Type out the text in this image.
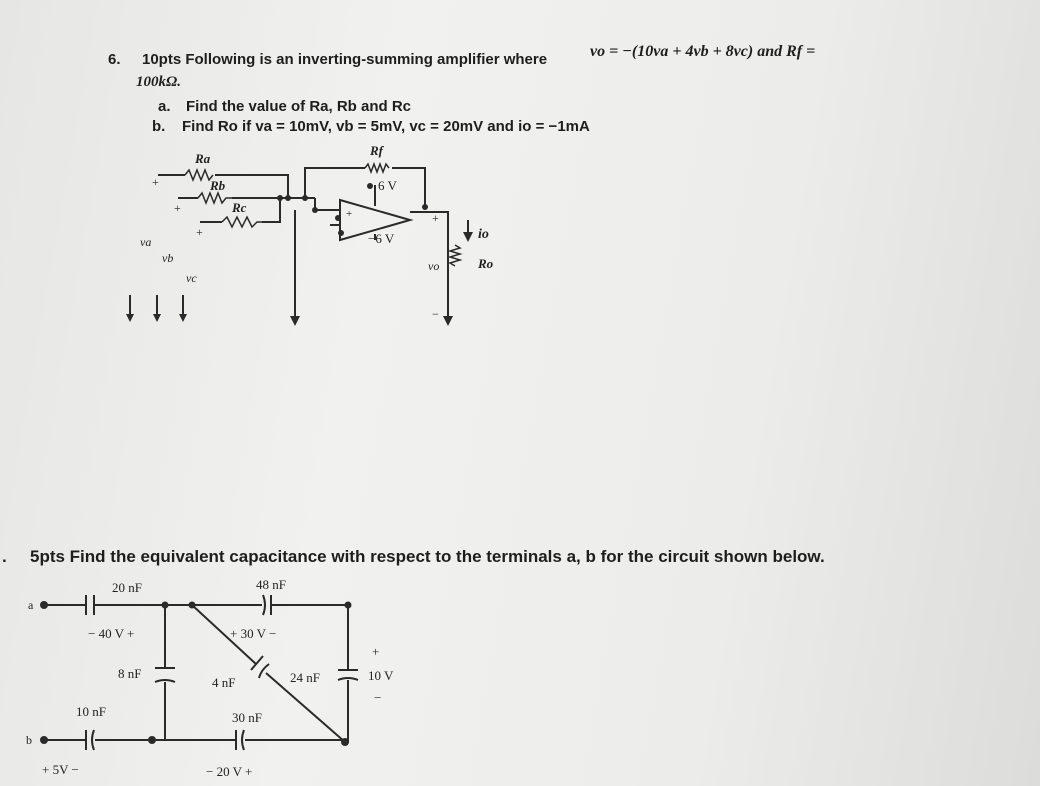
6. 10pts Following is an inverting-summing amplifier where	vo = −(10va + 4vb + 8vc) and Rf =
100kΩ.
a. Find the value of Ra, Rb and Rc
b. Find Ro if va = 10mV, vb = 5mV, vc = 20mV and io = −1mA
Ra
Rb
Rc
Rf
6 V
−6 V
va
vb
vc
+
+
+
+	+
−
vo
io
Ro
. 5pts Find the equivalent capacitance with respect to the terminals a, b for the circuit shown below.
a
b
20 nF
− 40 V +
48 nF
+ 30 V −
8 nF
4 nF	24 nF
+
10 V
−
10 nF
+ 5V −
30 nF
− 20 V +
